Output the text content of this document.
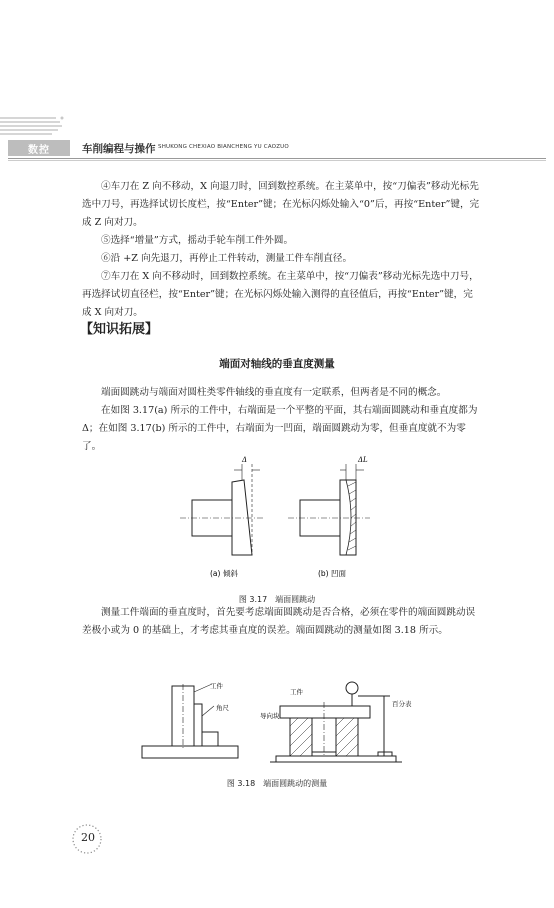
数控	车削编程与操作 SHUKONG CHEXIAO BIANCHENG YU CAOZUO

④车刀在 Z 向不移动，X 向退刀时，回到数控系统。在主菜单中，按“刀偏表”移动光标先选中刀号，再选择试切长度栏，按“Enter”键；在光标闪烁处输入“0”后，再按“Enter”键，完成 Z 向对刀。

⑤选择“增量”方式，摇动手轮车削工件外圆。

⑥沿 +Z 向先退刀，再停止工件转动，测量工件车削直径。

⑦车刀在 X 向不移动时，回到数控系统。在主菜单中，按“刀偏表”移动光标先选中刀号，再选择试切直径栏，按“Enter”键；在光标闪烁处输入测得的直径值后，再按“Enter”键，完成 X 向对刀。

【知识拓展】
端面对轴线的垂直度测量

端面圆跳动与端面对圆柱类零件轴线的垂直度有一定联系，但两者是不同的概念。

在如图 3.17(a) 所示的工件中，右端面是一个平整的平面，其右端面圆跳动和垂直度都为Δ；在如图 3.17(b) 所示的工件中，右端面为一凹面，端面圆跳动为零，但垂直度就不为零了。

Δ	ΔL
(a) 倾斜	(b) 凹面
图 3.17　端面圆跳动

测量工件端面的垂直度时，首先要考虑端面圆跳动是否合格，必须在零件的端面圆跳动误差极小或为 0 的基础上，才考虑其垂直度的误差。端面圆跳动的测量如图 3.18 所示。

工件
角尺
工件
导向块
百分表
图 3.18　端面圆跳动的测量
20
